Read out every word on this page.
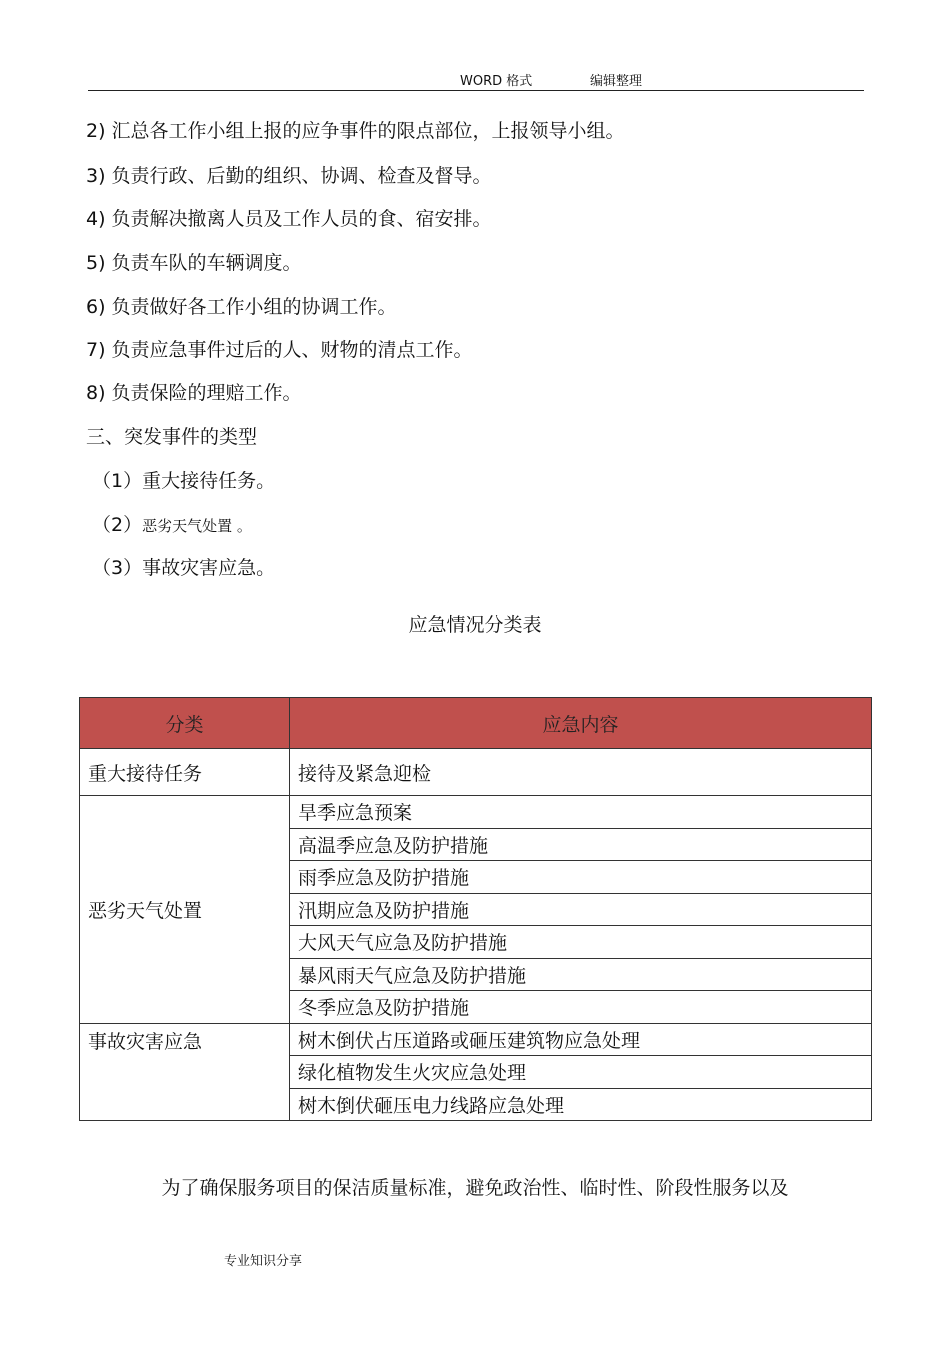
WORD 格式	编辑整理
2) 汇总各工作小组上报的应争事件的限点部位，上报领导小组。
3) 负责行政、后勤的组织、协调、检查及督导。
4) 负责解决撤离人员及工作人员的食、宿安排。
5) 负责车队的车辆调度。
6) 负责做好各工作小组的协调工作。
7) 负责应急事件过后的人、财物的清点工作。
8) 负责保险的理赔工作。
三、突发事件的类型
（1）重大接待任务。
（2）恶劣天气处置 。
（3）事故灾害应急。
应急情况分类表
分类	应急内容
重大接待任务	接待及紧急迎检
恶劣天气处置	旱季应急预案
	高温季应急及防护措施
	雨季应急及防护措施
	汛期应急及防护措施
	大风天气应急及防护措施
	暴风雨天气应急及防护措施
	冬季应急及防护措施
事故灾害应急	树木倒伏占压道路或砸压建筑物应急处理
	绿化植物发生火灾应急处理
	树木倒伏砸压电力线路应急处理
为了确保服务项目的保洁质量标准，避免政治性、临时性、阶段性服务以及
专业知识分享
